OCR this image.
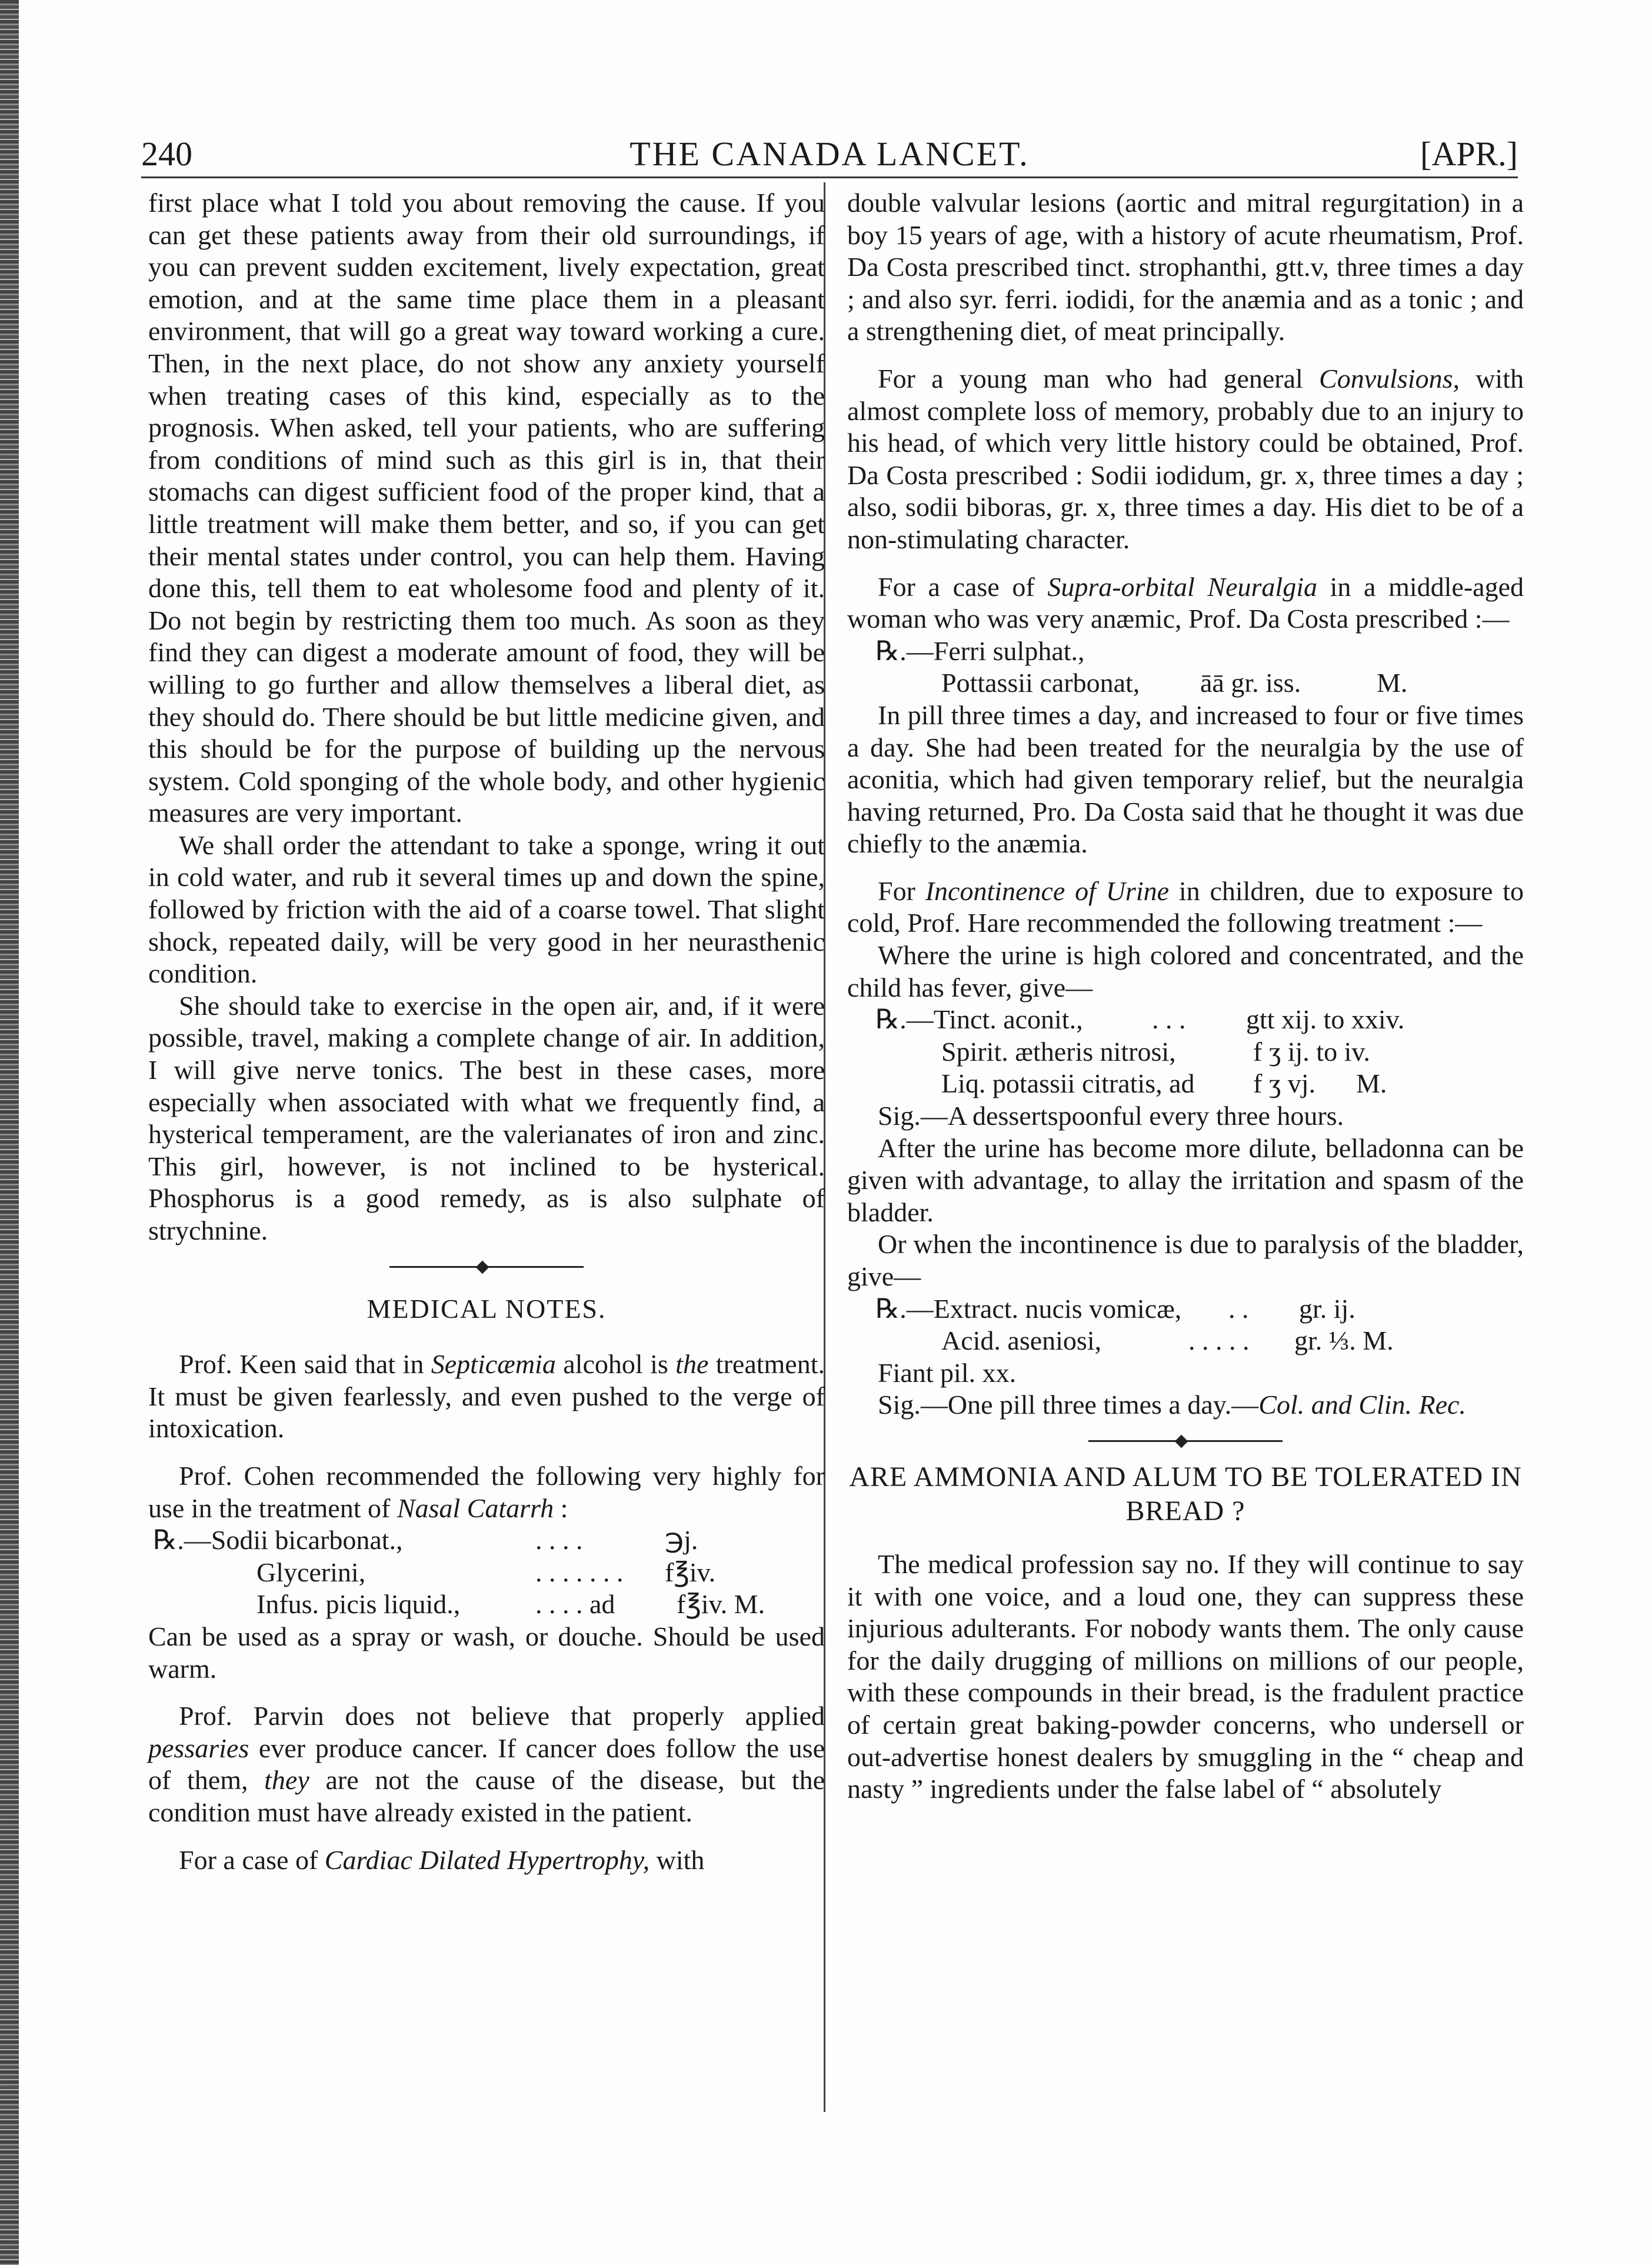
240	THE CANADA LANCET.	[APR.]

first place what I told you about removing the cause. If you can get these patients away from their old surroundings, if you can prevent sudden excitement, lively expectation, great emotion, and at the same time place them in a pleasant environment, that will go a great way toward working a cure. Then, in the next place, do not show any anxiety yourself when treating cases of this kind, especially as to the prognosis. When asked, tell your patients, who are suffering from conditions of mind such as this girl is in, that their stomachs can digest sufficient food of the proper kind, that a little treatment will make them better, and so, if you can get their mental states under control, you can help them. Having done this, tell them to eat wholesome food and plenty of it. Do not begin by restricting them too much. As soon as they find they can digest a moderate amount of food, they will be willing to go further and allow themselves a liberal diet, as they should do. There should be but little medicine given, and this should be for the purpose of building up the nervous system. Cold sponging of the whole body, and other hygienic measures are very important.

We shall order the attendant to take a sponge, wring it out in cold water, and rub it several times up and down the spine, followed by friction with the aid of a coarse towel. That slight shock, repeated daily, will be very good in her neurasthenic condition.

She should take to exercise in the open air, and, if it were possible, travel, making a complete change of air. In addition, I will give nerve tonics. The best in these cases, more especially when associated with what we frequently find, a hysterical temperament, are the valerianates of iron and zinc. This girl, however, is not inclined to be hysterical. Phosphorus is a good remedy, as is also sulphate of strychnine.

MEDICAL NOTES.

Prof. Keen said that in Septicæmia alcohol is the treatment. It must be given fearlessly, and even pushed to the verge of intoxication.

Prof. Cohen recommended the following very highly for use in the treatment of Nasal Catarrh :

℞.—Sodii bicarbonat.,	. . . .	℈j.
Glycerini,	. . . . . . . f℥iv.
Infus. picis liquid.,	. . . . ad f℥iv. M.

Can be used as a spray or wash, or douche. Should be used warm.

Prof. Parvin does not believe that properly applied pessaries ever produce cancer. If cancer does follow the use of them, they are not the cause of the disease, but the condition must have already existed in the patient.

For a case of Cardiac Dilated Hypertrophy, with

double valvular lesions (aortic and mitral regurgitation) in a boy 15 years of age, with a history of acute rheumatism, Prof. Da Costa prescribed tinct. strophanthi, gtt.v, three times a day ; and also syr. ferri. iodidi, for the anæmia and as a tonic ; and a strengthening diet, of meat principally.

For a young man who had general Convulsions, with almost complete loss of memory, probably due to an injury to his head, of which very little history could be obtained, Prof. Da Costa prescribed : Sodii iodidum, gr. x, three times a day ; also, sodii biboras, gr. x, three times a day. His diet to be of a non-stimulating character.

For a case of Supra-orbital Neuralgia in a middle-aged woman who was very anæmic, Prof. Da Costa prescribed :—

℞.—Ferri sulphat.,
Pottassii carbonat, āā gr. iss.	M.

In pill three times a day, and increased to four or five times a day. She had been treated for the neuralgia by the use of aconitia, which had given temporary relief, but the neuralgia having returned, Pro. Da Costa said that he thought it was due chiefly to the anæmia.

For Incontinence of Urine in children, due to exposure to cold, Prof. Hare recommended the following treatment :—

Where the urine is high colored and concentrated, and the child has fever, give—

℞.—Tinct. aconit.,	. . . gtt xij. to xxiv.
Spirit. ætheris nitrosi,	f ʒ ij. to iv.
Liq. potassii citratis, ad f ʒ vj.      M.

Sig.—A dessertspoonful every three hours.

After the urine has become more dilute, belladonna can be given with advantage, to allay the irritation and spasm of the bladder.

Or when the incontinence is due to paralysis of the bladder, give—

℞.—Extract. nucis vomicæ, . . gr. ij.
Acid. aseniosi,	. . . . . gr. ⅓. M.

Fiant pil. xx.

Sig.—One pill three times a day.—Col. and Clin. Rec.

ARE AMMONIA AND ALUM TO BE TOLERATED IN BREAD ?

The medical profession say no. If they will continue to say it with one voice, and a loud one, they can suppress these injurious adulterants. For nobody wants them. The only cause for the daily drugging of millions on millions of our people, with these compounds in their bread, is the fradulent practice of certain great baking-powder concerns, who undersell or out-advertise honest dealers by smuggling in the “ cheap and nasty ” ingredients under the false label of “ absolutely
